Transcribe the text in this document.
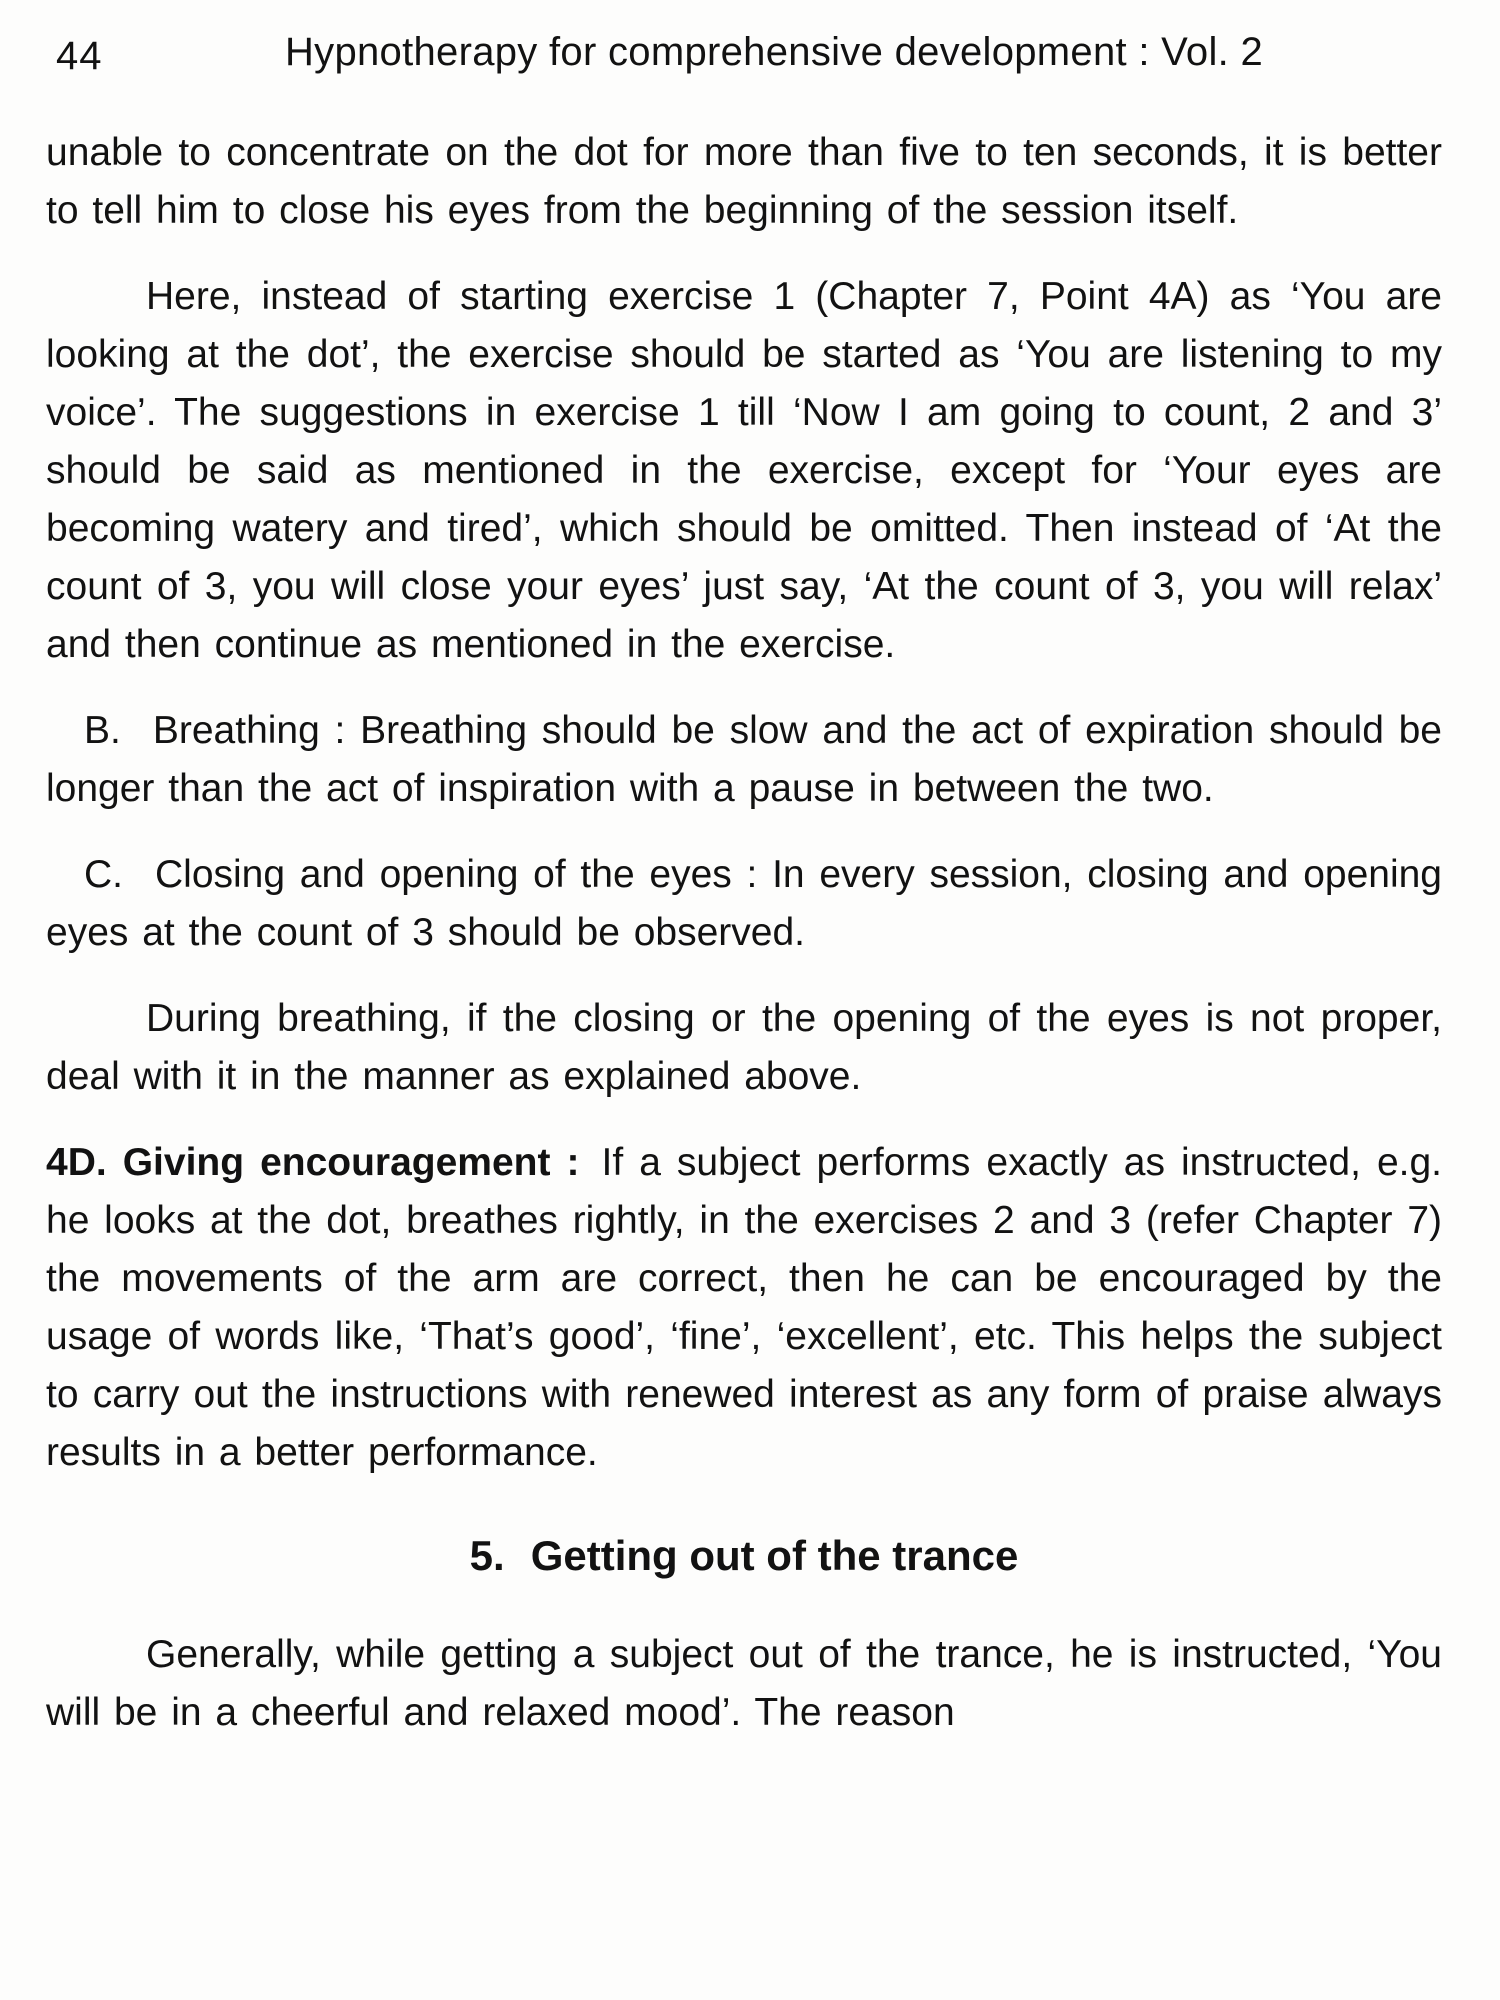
44	Hypnotherapy for comprehensive development : Vol. 2

unable to concentrate on the dot for more than five to ten seconds, it is better to tell him to close his eyes from the beginning of the session itself.

Here, instead of starting exercise 1 (Chapter 7, Point 4A) as ‘You are looking at the dot’, the exercise should be started as ‘You are listening to my voice’. The suggestions in exercise 1 till ‘Now I am going to count, 2 and 3’ should be said as mentioned in the exercise, except for ‘Your eyes are becoming watery and tired’, which should be omitted. Then instead of ‘At the count of 3, you will close your eyes’ just say, ‘At the count of 3, you will relax’ and then continue as mentioned in the exercise.

B. Breathing : Breathing should be slow and the act of expiration should be longer than the act of inspiration with a pause in between the two.

C. Closing and opening of the eyes : In every session, closing and opening eyes at the count of 3 should be observed.

During breathing, if the closing or the opening of the eyes is not proper, deal with it in the manner as explained above.

4D. Giving encouragement : If a subject performs exactly as instructed, e.g. he looks at the dot, breathes rightly, in the exercises 2 and 3 (refer Chapter 7) the movements of the arm are correct, then he can be encouraged by the usage of words like, ‘That’s good’, ‘fine’, ‘excellent’, etc. This helps the subject to carry out the instructions with renewed interest as any form of praise always results in a better performance.

5. Getting out of the trance

Generally, while getting a subject out of the trance, he is instructed, ‘You will be in a cheerful and relaxed mood’. The reason
